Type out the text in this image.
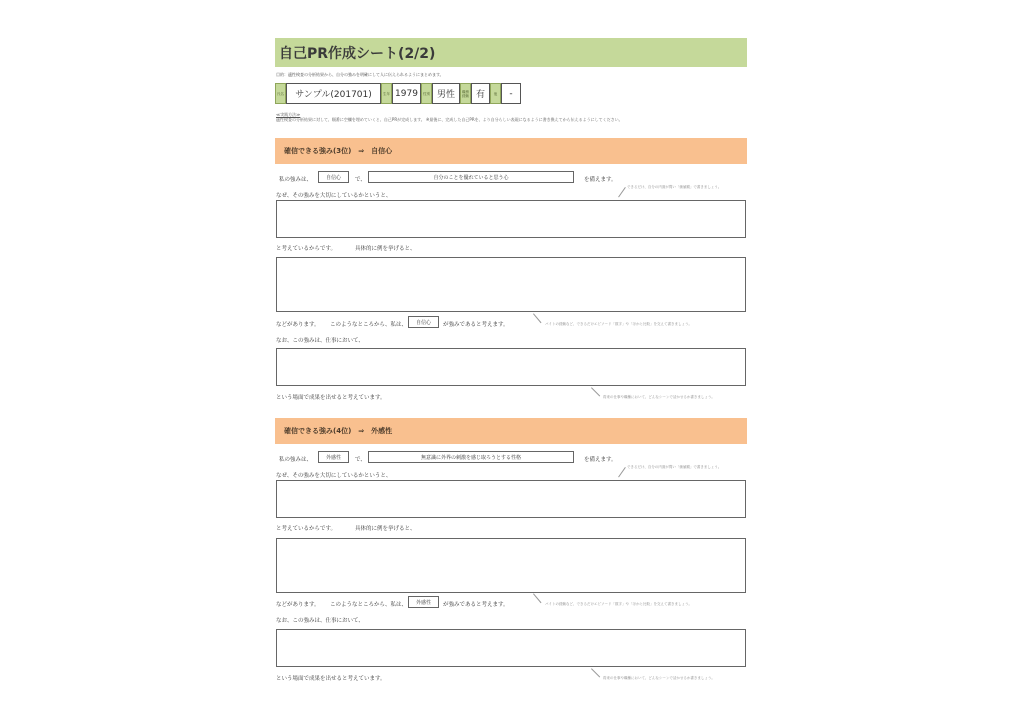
自己PR作成シート(2/2)
目的：適性検査の分析結果から、自分の強みを明確にして人に伝えられるようにまとめます。
氏名	サンプル(201701)	生年 1979	性別 男性	職務経験 有	他	-
≪実践方法≫
適性検査の分析結果に対して、順番に空欄を埋めていくと、自己PRが完成します。 ※最後に、完成した自己PRを、より自分らしい表現になるように書き換えてから伝えるようにしてください。
確信できる強み(3位)　⇒　自信心
私の強みは、	自信心	で、	自分のことを優れていると思う心	を備えます。
できるだけ、自分の内面が問い「価値観」で書きましょう。
なぜ、その強みを大切にしているかというと、
と考えているからです。	具体的に例を挙げると、
などがあります。 このようなところから、私は、	自信心	が強みであると考えます。	バイトの経験など、できるだけエピソード「数字」や「ほかと比較」を交えて書きましょう。
なお、この強みは、仕事において、
という場面で成果を出せると考えています。	将来の仕事や職種において、どんなシーンで活かせるか書きましょう。
確信できる強み(4位)　⇒　外感性
私の強みは、	外感性	で、	無意識に外界の刺激を感じ取ろうとする性格	を備えます。
できるだけ、自分の内面が問い「価値観」で書きましょう。
なぜ、その強みを大切にしているかというと、
と考えているからです。	具体的に例を挙げると、
などがあります。 このようなところから、私は、	外感性	が強みであると考えます。	バイトの経験など、できるだけエピソード「数字」や「ほかと比較」を交えて書きましょう。
なお、この強みは、仕事において、
という場面で成果を出せると考えています。	将来の仕事や職種において、どんなシーンで活かせるか書きましょう。
